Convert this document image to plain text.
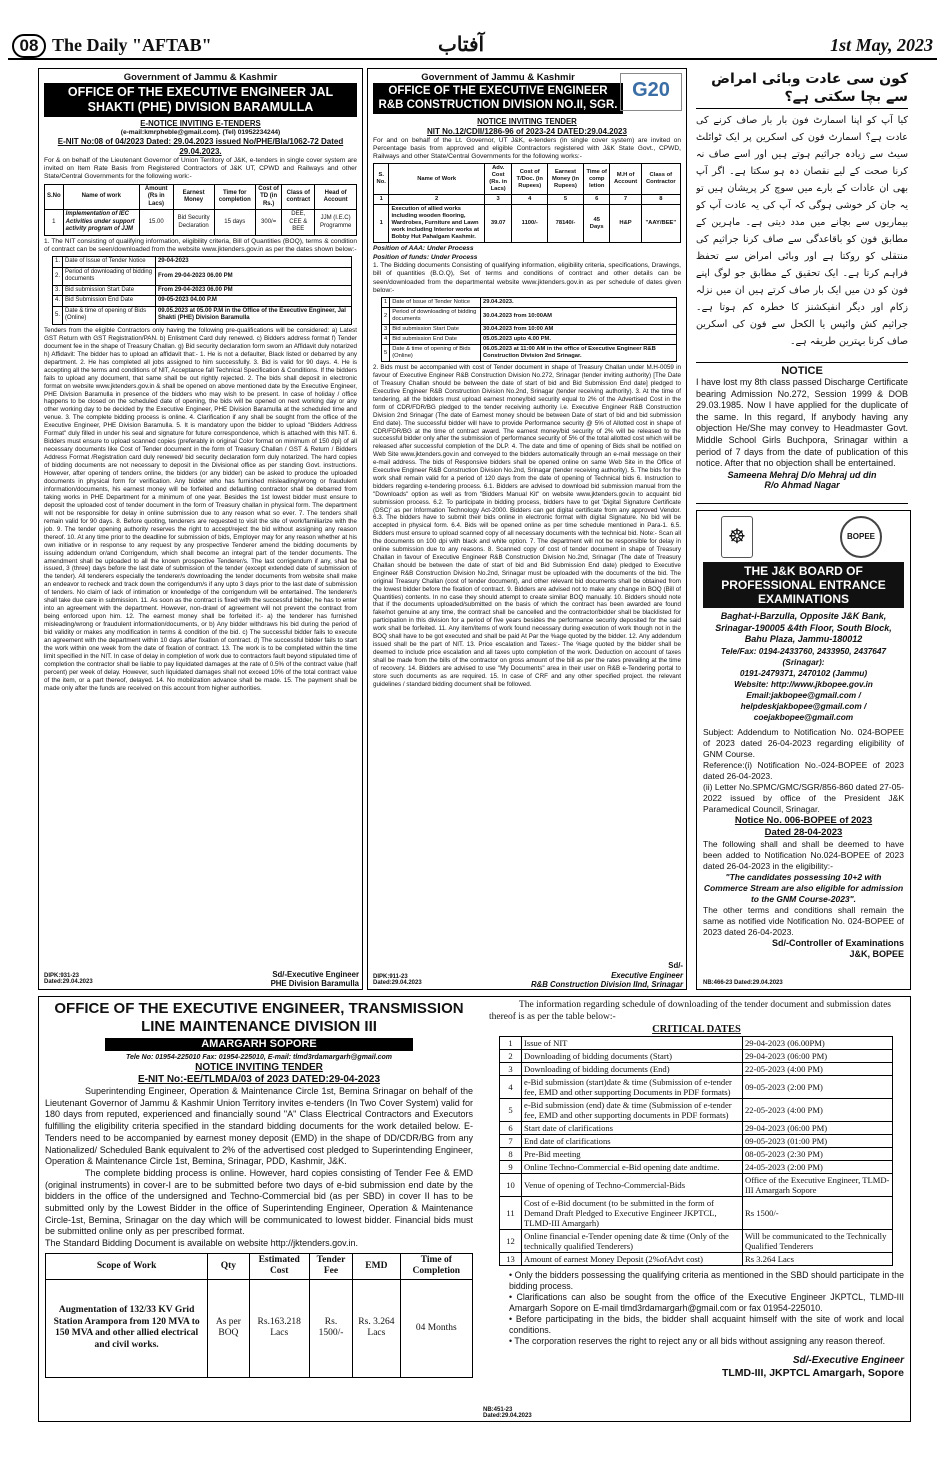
08 The Daily "AFTAB"	آفتاب	1st May, 2023
Government of Jammu & Kashmir
OFFICE OF THE EXECUTIVE ENGINEER JAL SHAKTI (PHE) DIVISION BARAMULLA
E-NOTICE INVITING E-TENDERS
(e-mail:kmrpheble@gmail.com). (Tel) 01952234244)
E-NIT No:08 of 04/2023 Dated: 29.04.2023 issued No/PHE/Bla/1062-72 Dated 29.04.2023.
For & on behalf of the Lieutenant Governor of Union Territory of J&K, e-tenders in single cover system are invited on Item Rate Basis from Registered Contractors of J&K UT, CPWD and Railways and other State/Central Governments for the following work:-
S.No	Name of work	Amount (Rs in Lacs)	Earnest Money	Time for completion	Cost of TD (in Rs.)	Class of contract	Head of Account
1	Implementation of IEC Activities under support activity program of JJM	15.00	Bid Security Declaration	15 days	300/=	DEE, CEE & BEE	JJM (I.E.C) Programme
1. The NIT consisting of qualifying information, eligibility criteria, Bill of Quantities (BOQ), terms & condition of contract can be seen/downloaded from the website www.jktenders.gov.in as per the dates shown below:-
1.	Date of Issue of Tender Notice	29-04-2023
2.	Period of downloading of bidding documents	From 29-04-2023 06.00 PM
3.	Bid submission Start Date	From 29-04-2023 06.00 PM
4.	Bid Submission End Date	09-05-2023 04.00 P.M
5.	Date & time of opening of Bids (Online)	09.05.2023 at 05.00 P.M in the Office of the Executive Engineer, Jal Shakti (PHE) Division Baramulla
Tenders from the eligible Contractors only having the following pre-qualifications will be considered: a) Latest GST Return with GST Registration/PAN. b) Enlistment Card duly renewed. c) Bidders address format f) Tender document fee in the shape of Treasury Challan. g) Bid security declaration form sworn an Affidavit duly notarized h) Affidavit: The bidder has to upload an affidavit that:- 1. He is not a defaulter, Black listed or debarred by any department. 2. He has completed all jobs assigned to him successfully. 3. Bid is valid for 90 days. 4. He is accepting all the terms and conditions of NIT, Acceptance fall Technical Specification & Conditions. If the bidders fails to upload any document, that same shall be out rightly rejected. 2. The bids shall deposit in electronic format on website www.jktenders.gov.in & shall be opened on above mentioned date by the Executive Engineer, PHE Division Baramulla in presence of the bidders who may wish to be present. In case of holiday / office happens to be closed on the scheduled date of opening, the bids will be opened on next working day or any other working day to be decided by the Executive Engineer, PHE Division Baramulla at the scheduled time and venue. 3. The complete bidding process is online. 4. Clarification if any shall be sought from the office of the Executive Engineer, PHE Division Baramulla. 5. It is mandatory upon the bidder to upload "Bidders Address Format" duly filled in under his seal and signature for future correspondence, which is attached with this NIT. 6. Bidders must ensure to upload scanned copies (preferably in original Color format on minimum of 150 dpi) of all necessary documents like Cost of Tender document in the form of Treasury Challan / GST & Return / Bidders Address Format /Registration card duly renewed/ bid security declaration form duly notarized. The hard copies of bidding documents are not necessary to deposit in the Divisional office as per standing Govt. instructions. However, after opening of tenders online, the bidders (or any bidder) can be asked to produce the uploaded documents in physical form for verification. Any bidder who has furnished misleading/wrong or fraudulent information/documents, his earnest money will be forfeited and defaulting contractor shall be debarred from taking works in PHE Department for a minimum of one year. Besides the 1st lowest bidder must ensure to deposit the uploaded cost of tender document in the form of Treasury challan in physical form. The department will not be responsible for delay in online submission due to any reason what so ever. 7. The tenders shall remain valid for 90 days. 8. Before quoting, tenderers are requested to visit the site of work/familiarize with the job. 9. The tender opening authority reserves the right to accept/reject the bid without assigning any reason thereof. 10. At any time prior to the deadline for submission of bids, Employer may for any reason whether at his own initiative or in response to any request by any prospective Tenderer amend the bidding documents by issuing addendum or/and Corrigendum, which shall become an integral part of the tender documents. The amendment shall be uploaded to all the known prospective Tenderer/s. The last corrigendum if any, shall be issued, 3 (three) days before the last date of submission of the tender (except extended date of submission of the tender). All tenderers especially the tenderer/s downloading the tender documents from website shall make an endeavor to recheck and track down the corrigendum/s if any upto 3 days prior to the last date of submission of tenders. No claim of lack of intimation or knowledge of the corrigendum will be entertained. The tenderer/s shall take due care in submission. 11. As soon as the contract is fixed with the successful bidder, he has to enter into an agreement with the department. However, non-drawl of agreement will not prevent the contract from being enforced upon him. 12. The earnest money shall be forfeited if:- a) the tenderer has furnished misleading/wrong or fraudulent information/documents, or b) Any bidder withdraws his bid during the period of bid validity or makes any modification in terms & condition of the bid. c) The successful bidder fails to execute an agreement with the department within 10 days after fixation of contract. d) The successful bidder fails to start the work within one week from the date of fixation of contract. 13. The work is to be completed within the time limit specified in the NIT. In case of delay in completion of work due to contractors fault beyond stipulated time of completion the contractor shall be liable to pay liquidated damages at the rate of 0.5% of the contract value (half percent) per week of delay. However, such liquidated damages shall not exceed 10% of the total contract value of the item, or a part thereof, delayed. 14. No mobilization advance shall be made. 15. The payment shall be made only after the funds are received on this account from higher authorities.
Sd/-Executive Engineer
PHE Division Baramulla
DIPK:931-23
Dated:29.04.2023
G20
Government of Jammu & Kashmir
OFFICE OF THE EXECUTIVE ENGINEER R&B CONSTRUCTION DIVISION NO.II, SGR.
NOTICE INVITING TENDER
NIT No.12/CDII/1286-96 of 2023-24 DATED:29.04.2023
For and on behalf of the Lt. Governor, UT J&K, e-tenders (in single cover system) are invited on Percentage basis from approved and eligible Contractors registered with J&K State Govt., CPWD, Railways and other State/Central Governments for the following works:-
S. No.	Name of Work	Adv. Cost (Rs. in Lacs)	Cost of T/Doc. (in Rupees)	Earnest Money (in Rupees)	Time of comp letion	M.H of Account	Class of Contractor
1	2	3	4	5	6	7	8
1	Execution of allied works including wooden flooring, Wardrobes, Furniture and Lawn work including Interior works at Bobby Hut Pahalgam Kashmir.	39.07	1100/-	78140/-	45 Days	H&P	"AAY/BEE"
Position of AAA: Under Process
Position of funds: Under Process
1. The Bidding documents Consisting of qualifying information, eligibility criteria, specifications, Drawings, bill of quantities (B.O.Q), Set of terms and conditions of contract and other details can be seen/downloaded from the departmental website www.jktenders.gov.in as per schedule of dates given below:-
1	Date of Issue of Tender Notice	29.04.2023.
2	Period of downloading of bidding documents	30.04.2023 from 10:00AM
3	Bid submission Start Date	30.04.2023 from 10:00 AM
4	Bid submission End Date	05.05.2023 upto 4.00 PM.
5	Date & time of opening of Bids (Online)	06.05.2023 at 11:00 AM in the office of Executive Engineer R&B Construction Division 2nd Srinagar.
2. Bids must be accompanied with cost of Tender document in shape of Treasury Challan under M.H-0059 in favour of Executive Engineer R&B Construction Division No.272, Srinagar (tender inviting authority) [The Date of Treasury Challan should be between the date of start of bid and Bid Submission End date] pledged to Executive Engineer R&B Construction Division No.2nd, Srinagar (tender receiving authority). 3. At the time of tendering, all the bidders must upload earnest money/bid security equal to 2% of the Advertised Cost in the form of CDR/FDR/BG pledged to the tender receiving authority i.e. Executive Engineer R&B Construction Division 2nd Srinagar (The date of Earnest money should be between Date of start of bid and bid submission End date). The successful bidder will have to provide Performance security @ 5% of Allotted cost in shape of CDR/FDR/BG at the time of contract award. The earnest money/bid security of 2% will be released to the successful bidder only after the submission of performance security of 5% of the total allotted cost which will be released after successful completion of the DLP. 4. The date and time of opening of Bids shall be notified on Web Site www.jktenders.gov.in and conveyed to the bidders automatically through an e-mail message on their e-mail address. The bids of Responsive bidders shall be opened online on same Web Site in the Office of Executive Engineer R&B Construction Division No.2nd, Srinagar (tender receiving authority). 5. The bids for the work shall remain valid for a period of 120 days from the date of opening of Technical bids 6. Instruction to bidders regarding e-tendering process. 6.1. Bidders are advised to download bid submission manual from the "Downloads" option as well as from "Bidders Manual Kit" on website www.jktenders.gov.in to acquaint bid submission process. 6.2. To participate in bidding process, bidders have to get 'Digital Signature Certificate (DSC)' as per Information Technology Act-2000. Bidders can get digital certificate from any approved Vendor. 6.3. The bidders have to submit their bids online in electronic format with digital Signature. No bid will be accepted in physical form. 6.4. Bids will be opened online as per time schedule mentioned in Para-1. 6.5. Bidders must ensure to upload scanned copy of all necessary documents with the technical bid. Note:- Scan all the documents on 100 dpi with black and white option. 7. The department will not be responsible for delay in online submission due to any reasons. 8. Scanned copy of cost of tender document in shape of Treasury Challan in favour of Executive Engineer R&B Construction Division No.2nd, Srinagar (The date of Treasury Challan should be between the date of start of bid and Bid Submission End date) pledged to Executive Engineer R&B Construction Division No.2nd, Srinagar must be uploaded with the documents of the bid. The original Treasury Challan (cost of tender document), and other relevant bid documents shall be obtained from the lowest bidder before the fixation of contract. 9. Bidders are advised not to make any change in BOQ (Bill of Quantities) contents. In no case they should attempt to create similar BOQ manually. 10. Bidders should note that if the documents uploaded/submitted on the basis of which the contract has been awarded are found fake/not genuine at any time, the contract shall be cancelled and the contractor/bidder shall be blacklisted for participation in this division for a period of five years besides the performance security deposited for the said work shall be forfeited. 11. Any item/items of work found necessary during execution of work though not in the BOQ shall have to be got executed and shall be paid At Par the %age quoted by the bidder. 12. Any addendum issued shall be the part of NIT. 13. Price escalation and Taxes:- The %age quoted by the bidder shall be deemed to include price escalation and all taxes upto completion of the work. Deduction on account of taxes shall be made from the bills of the contractor on gross amount of the bill as per the rates prevailing at the time of recovery. 14. Bidders are advised to use "My Documents" area in their user on R&B e-Tendering portal to store such documents as are required. 15. In case of CRF and any other specified project. the relevant guidelines / standard bidding document shall be followed.
Sd/-
Executive Engineer
R&B Construction Division IInd, Srinagar
DIPK:911-23
Dated:29.04.2023
کون سی عادت وبائی امراض سے بچا سکتی ہے؟
کیا آپ کو اپنا اسمارٹ فون بار بار صاف کرنے کی عادت ہے؟ اسمارٹ فون کی اسکرین پر ایک ٹوائلٹ سیٹ سے زیادہ جراثیم ہوتے ہیں اور اسے صاف نہ کرنا صحت کے لیے نقصان دہ ہو سکتا ہے۔ اگر آپ بھی ان عادات کے بارے میں سوچ کر پریشان ہیں تو یہ جان کر خوشی ہوگی کہ آپ کی یہ عادت آپ کو بیماریوں سے بچانے میں مدد دیتی ہے۔ ماہرین کے مطابق فون کو باقاعدگی سے صاف کرنا جراثیم کی منتقلی کو روکتا ہے اور وبائی امراض سے تحفظ فراہم کرتا ہے۔ ایک تحقیق کے مطابق جو لوگ اپنے فون کو دن میں ایک بار صاف کرتے ہیں ان میں نزلہ زکام اور دیگر انفیکشنز کا خطرہ کم ہوتا ہے۔ جراثیم کش وائپس یا الکحل سے فون کی اسکرین صاف کرنا بہترین طریقہ ہے۔
NOTICE
I have lost my 8th class passed Discharge Certificate bearing Admission No.272, Session 1999 & DOB 29.03.1985. Now I have applied for the duplicate of the same. In this regard, If anybody having any objection He/She may convey to Headmaster Govt. Middle School Girls Buchpora, Srinagar within a period of 7 days from the date of publication of this notice. After that no objection shall be entertained.
Sameena Mehraj D/o Mehraj ud din
R/o Ahmad Nagar
☸	BOPEE
THE J&K BOARD OF PROFESSIONAL ENTRANCE EXAMINATIONS
Baghat-i-Barzulla, Opposite J&K Bank, Srinagar-190005 &4th Floor, South Block, Bahu Plaza, Jammu-180012
Tele/Fax: 0194-2433760, 2433950, 2437647 (Srinagar):
0191-2479371, 2470102 (Jammu)
Website: http://www.jkbopee.gov.in
Email:jakbopee@gmail.com /
helpdeskjakbopee@gmail.com /
coejakbopee@gmail.com
Subject: Addendum to Notification No. 024-BOPEE of 2023 dated 26-04-2023 regarding eligibility of GNM Course.
Reference:(i) Notification No.-024-BOPEE of 2023 dated 26-04-2023.
(ii) Letter No.SPMC/GMC/SGR/856-860 dated 27-05-2022 issued by office of the President J&K Paramedical Council, Srinagar.
Notice No. 006-BOPEE of 2023
Dated 28-04-2023
The following shall and shall be deemed to have been added to Notification No.024-BOPEE of 2023 dated 26-04-2023 in the eligibility:-
"The candidates possessing 10+2 with Commerce Stream are also eligible for admission to the GNM Course-2023".
The other terms and conditions shall remain the same as notified vide Notification No. 024-BOPEE of 2023 dated 26-04-2023.
Sd/-Controller of Examinations
J&K, BOPEE
NB:466-23 Dated:29.04.2023
OFFICE OF THE EXECUTIVE ENGINEER, TRANSMISSION LINE MAINTENANCE DIVISION III
AMARGARH SOPORE
Tele No: 01954-225010 Fax: 01954-225010, E-mail: tlmd3rdamargarh@gmail.com
NOTICE INVITING TENDER
E-NIT No:-EE/TLMDA/03 of 2023 DATED:29-04-2023
Superintending Engineer, Operation & Maintenance Circle 1st, Bemina Srinagar on behalf of the Lieutenant Governor of Jammu & Kashmir Union Territory invites e-tenders (In Two Cover System) valid for 180 days from reputed, experienced and financially sound "A" Class Electrical Contractors and Executors fulfilling the eligibility criteria specified in the standard bidding documents for the work detailed below. E-Tenders need to be accompanied by earnest money deposit (EMD) in the shape of DD/CDR/BG from any Nationalized/ Scheduled Bank equivalent to 2% of the advertised cost pledged to Superintending Engineer, Operation & Maintenance Circle 1st, Bemina, Srinagar, PDD, Kashmir, J&K.
The complete bidding process is online. However, hard copies consisting of Tender Fee & EMD (original instruments) in cover-I are to be submitted before two days of e-bid submission end date by the bidders in the office of the undersigned and Techno-Commercial bid (as per SBD) in cover II has to be submitted only by the Lowest Bidder in the office of Superintending Engineer, Operation & Maintenance Circle-1st, Bemina, Srinagar on the day which will be communicated to lowest bidder. Financial bids must be submitted online only as per prescribed format.
The Standard Bidding Document is available on website http://jktenders.gov.in.
Scope of Work	Qty	Estimated Cost	Tender Fee	EMD	Time of Completion
Augmentation of 132/33 KV Grid Station Arampora from 120 MVA to 150 MVA and other allied electrical and civil works.	As per BOQ	Rs.163.218 Lacs	Rs. 1500/-	Rs. 3.264 Lacs	04 Months
The information regarding schedule of downloading of the tender document and submission dates thereof is as per the table below:-
CRITICAL DATES
1	Issue of NIT	29-04-2023 (06.00PM)
2	Downloading of bidding documents (Start)	29-04-2023 (06:00 PM)
3	Downloading of bidding documents (End)	22-05-2023 (4:00 PM)
4	e-Bid submission (start)date & time (Submission of e-tender fee, EMD and other supporting Documents in PDF formats)	09-05-2023 (2:00 PM)
5	e-Bid submission (end) date & time (Submission of e-tender fee, EMD and other supporting documents in PDF formats)	22-05-2023 (4:00 PM)
6	Start date of clarifications	29-04-2023 (06:00 PM)
7	End date of clarifications	09-05-2023 (01:00 PM)
8	Pre-Bid meeting	08-05-2023 (2:30 PM)
9	Online Techno-Commercial e-Bid opening date andtime.	24-05-2023 (2:00 PM)
10	Venue of opening of Techno-Commercial-Bids	Office of the Executive Engineer, TLMD-III Amargarh Sopore
11	Cost of e-Bid document (to be submitted in the form of Demand Draft Pledged to Executive Engineer JKPTCL, TLMD-III Amargarh)	Rs 1500/-
12	Online financial e-Tender opening date & time (Only of the technically qualified Tenderers)	Will be communicated to the Technically Qualified Tenderers
13	Amount of earnest Money Deposit (2%ofAdvt cost)	Rs 3.264 Lacs
• Only the bidders possessing the qualifying criteria as mentioned in the SBD should participate in the bidding process.
• Clarifications can also be sought from the office of the Executive Engineer JKPTCL, TLMD-III Amargarh Sopore on E-mail tlmd3rdamargarh@gmail.com or fax 01954-225010.
• Before participating in the bids, the bidder shall acquaint himself with the site of work and local conditions.
• The corporation reserves the right to reject any or all bids without assigning any reason thereof.
Sd/-Executive Engineer
TLMD-III, JKPTCL Amargarh, Sopore
NB:451-23
Dated:29.04.2023
